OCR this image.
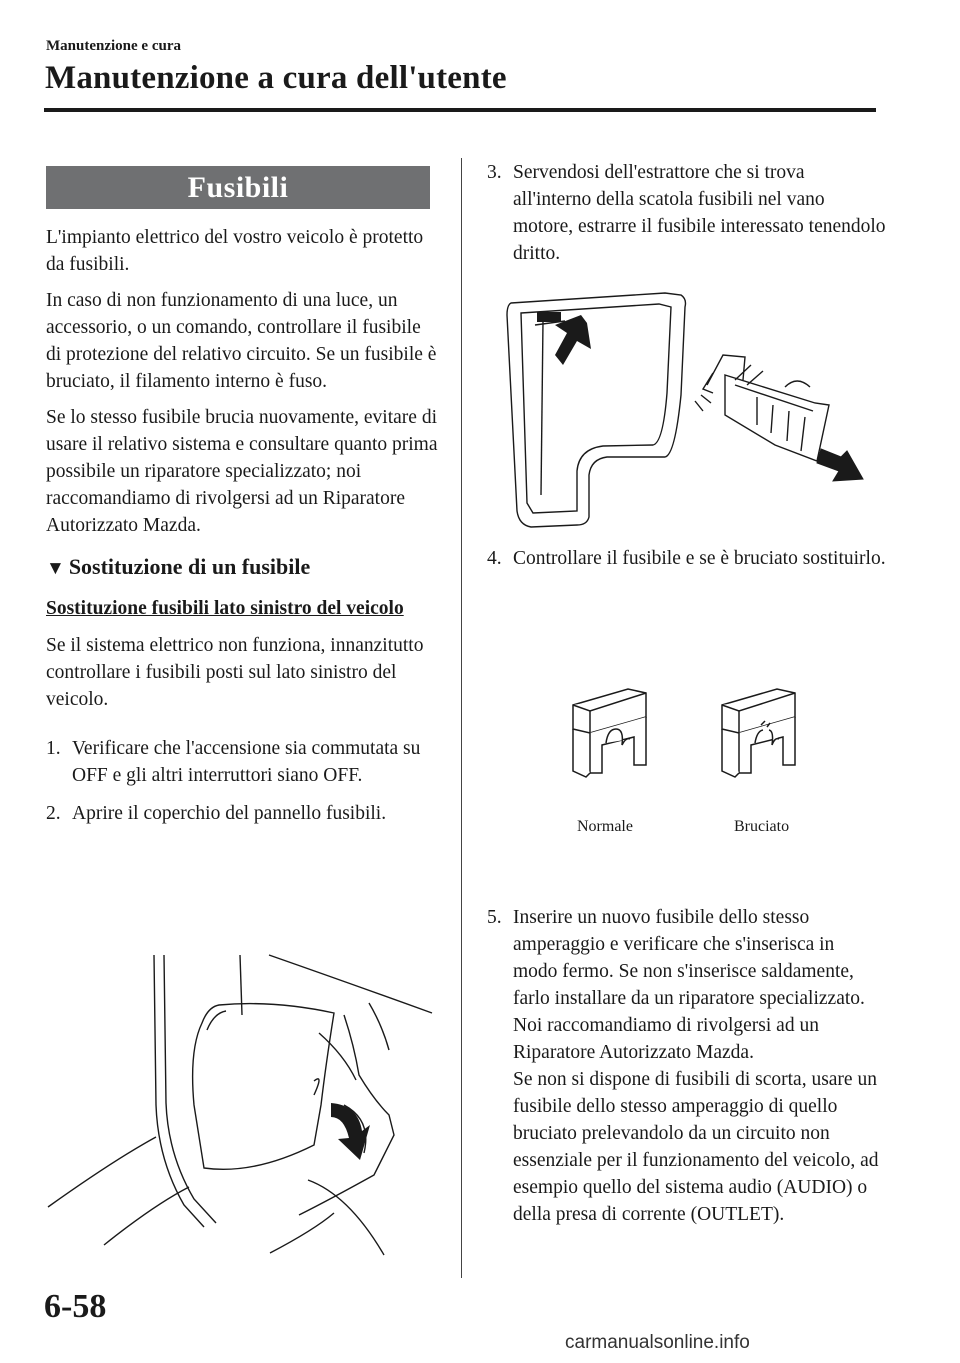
Manutenzione e cura
Manutenzione a cura dell'utente
Fusibili

L'impianto elettrico del vostro veicolo è protetto da fusibili.

In caso di non funzionamento di una luce, un accessorio, o un comando, controllare il fusibile di protezione del relativo circuito. Se un fusibile è bruciato, il filamento interno è fuso.

Se lo stesso fusibile brucia nuovamente, evitare di usare il relativo sistema e consultare quanto prima possibile un riparatore specializzato; noi raccomandiamo di rivolgersi ad un Riparatore Autorizzato Mazda.

▼ Sostituzione di un fusibile

Sostituzione fusibili lato sinistro del veicolo

Se il sistema elettrico non funziona, innanzitutto controllare i fusibili posti sul lato sinistro del veicolo.

1. Verificare che l'accensione sia commutata su OFF e gli altri interruttori siano OFF.
2. Aprire il coperchio del pannello fusibili.
3. Servendosi dell'estrattore che si trova all'interno della scatola fusibili nel vano motore, estrarre il fusibile interessato tenendolo dritto.
4. Controllare il fusibile e se è bruciato sostituirlo.
Normale	Bruciato
5. Inserire un nuovo fusibile dello stesso amperaggio e verificare che s'inserisca in modo fermo. Se non s'inserisce saldamente, farlo installare da un riparatore specializzato. Noi raccomandiamo di rivolgersi ad un Riparatore Autorizzato Mazda.
Se non si dispone di fusibili di scorta, usare un fusibile dello stesso amperaggio di quello bruciato prelevandolo da un circuito non essenziale per il funzionamento del veicolo, ad esempio quello del sistema audio (AUDIO) o della presa di corrente (OUTLET).
6-58
carmanualsonline.info
